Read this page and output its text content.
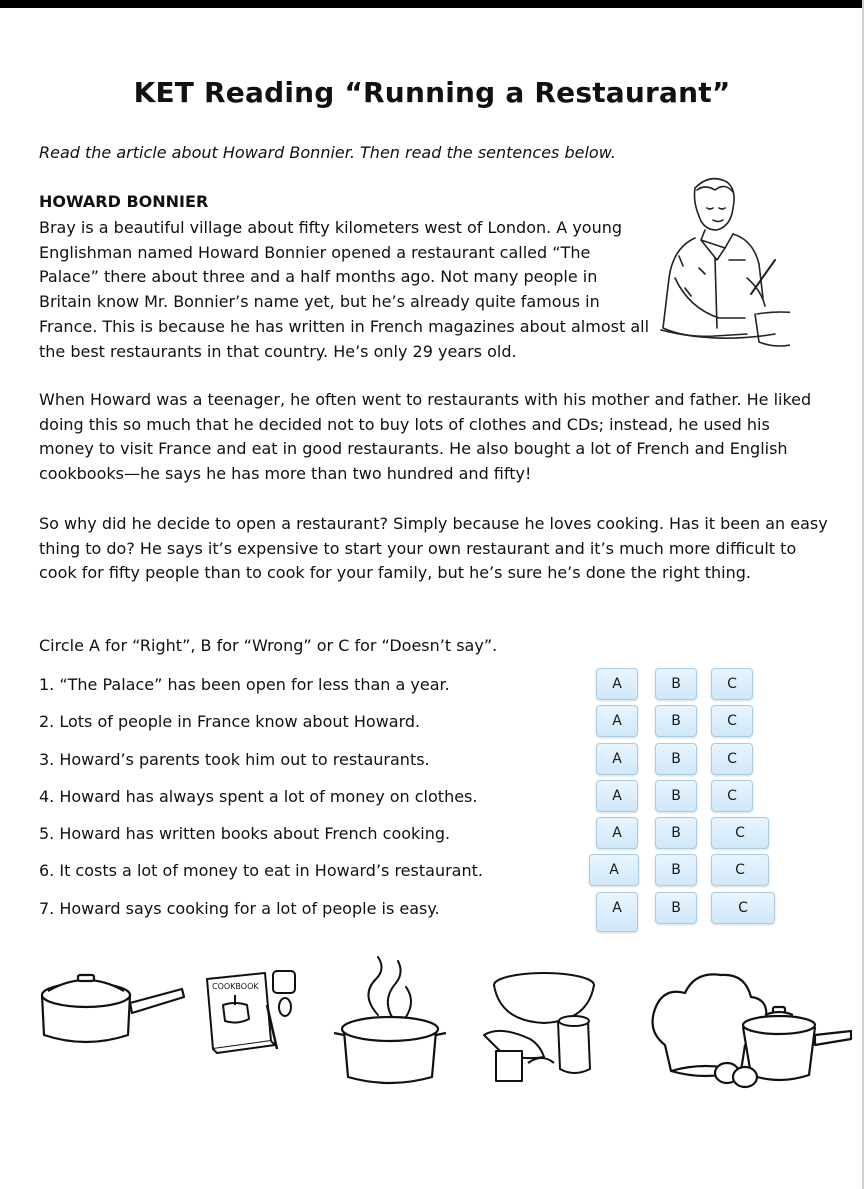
KET Reading “Running a Restaurant”
Read the article about Howard Bonnier. Then read the sentences below.
HOWARD BONNIER

Bray is a beautiful village about fifty kilometers west of London. A young Englishman named Howard Bonnier opened a restaurant called “The Palace” there about three and a half months ago. Not many people in Britain know Mr. Bonnier’s name yet, but he’s already quite famous in France. This is because he has written in French magazines about almost all the best restaurants in that country. He’s only 29 years old.

When Howard was a teenager, he often went to restaurants with his mother and father. He liked doing this so much that he decided not to buy lots of clothes and CDs; instead, he used his money to visit France and eat in good restaurants. He also bought a lot of French and English cookbooks—he says he has more than two hundred and fifty!

So why did he decide to open a restaurant? Simply because he loves cooking. Has it been an easy thing to do? He says it’s expensive to start your own restaurant and it’s much more difficult to cook for fifty people than to cook for your family, but he’s sure he’s done the right thing.

Circle A for “Right”, B for “Wrong” or C for “Doesn’t say”.
1. “The Palace” has been open for less than a year.	A	B	C
2. Lots of people in France know about Howard.	A	B	C
3. Howard’s parents took him out to restaurants.	A	B	C
4. Howard has always spent a lot of money on clothes.	A	B	C
5. Howard has written books about French cooking.	A	B	C
6. It costs a lot of money to eat in Howard’s restaurant.	A	B	C
7. Howard says cooking for a lot of people is easy.	A	B	C
COOKBOOK
